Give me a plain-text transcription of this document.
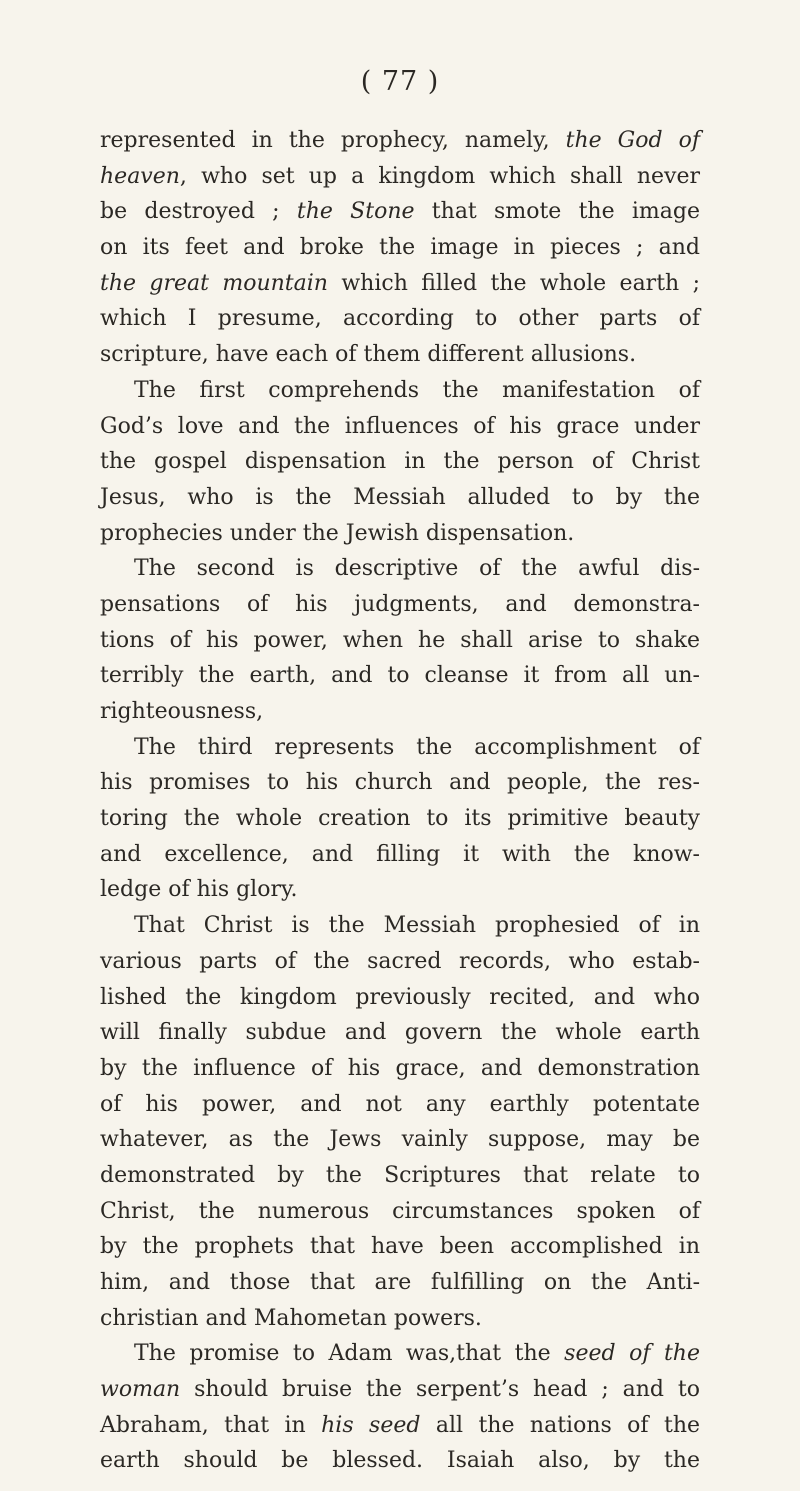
( 77 )
represented in the prophecy, namely, the God of
heaven, who set up a kingdom which shall never
be destroyed ; the Stone that smote the image
on its feet and broke the image in pieces ; and
the great mountain which filled the whole earth ;
which I presume, according to other parts of
scripture, have each of them different allusions.
The first comprehends the manifestation of
God’s love and the influences of his grace under
the gospel dispensation in the person of Christ
Jesus, who is the Messiah alluded to by the
prophecies under the Jewish dispensation.
The second is descriptive of the awful dis-
pensations of his judgments, and demonstra-
tions of his power, when he shall arise to shake
terribly the earth, and to cleanse it from all un-
righteousness,
The third represents the accomplishment of
his promises to his church and people, the res-
toring the whole creation to its primitive beauty
and excellence, and filling it with the know-
ledge of his glory.
That Christ is the Messiah prophesied of in
various parts of the sacred records, who estab-
lished the kingdom previously recited, and who
will finally subdue and govern the whole earth
by the influence of his grace, and demonstration
of his power, and not any earthly potentate
whatever, as the Jews vainly suppose, may be
demonstrated by the Scriptures that relate to
Christ, the numerous circumstances spoken of
by the prophets that have been accomplished in
him, and those that are fulfilling on the Anti-
christian and Mahometan powers.
The promise to Adam was,that the seed of the
woman should bruise the serpent’s head ; and to
Abraham, that in his seed all the nations of the
earth should be blessed. Isaiah also, by the
